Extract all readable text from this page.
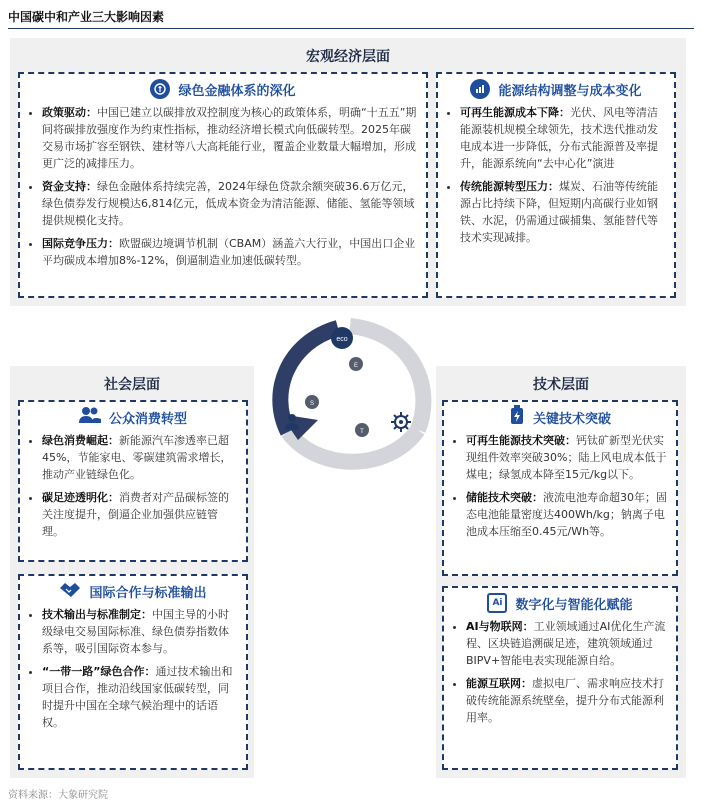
中国碳中和产业三大影响因素
宏观经济层面
绿色金融体系的深化
• 政策驱动：中国已建立以碳排放双控制度为核心的政策体系，明确“十五五”期间将碳排放强度作为约束性指标，推动经济增长模式向低碳转型。2025年碳交易市场扩容至钢铁、建材等八大高耗能行业，覆盖企业数量大幅增加，形成更广泛的减排压力。
• 资金支持：绿色金融体系持续完善，2024年绿色贷款余额突破36.6万亿元，绿色债券发行规模达6,814亿元，低成本资金为清洁能源、储能、氢能等领域提供规模化支持。
• 国际竞争压力：欧盟碳边境调节机制（CBAM）涵盖六大行业，中国出口企业平均碳成本增加8%-12%，倒逼制造业加速低碳转型。
能源结构调整与成本变化
• 可再生能源成本下降：光伏、风电等清洁能源装机规模全球领先，技术迭代推动发电成本进一步降低，分布式能源普及率提升，能源系统向“去中心化”演进
• 传统能源转型压力：煤炭、石油等传统能源占比持续下降，但短期内高碳行业如钢铁、水泥，仍需通过碳捕集、氢能替代等技术实现减排。
社会层面
公众消费转型
• 绿色消费崛起：新能源汽车渗透率已超45%，节能家电、零碳建筑需求增长，推动产业链绿色化。
• 碳足迹透明化：消费者对产品碳标签的关注度提升，倒逼企业加强供应链管理。
国际合作与标准输出
• 技术输出与标准制定：中国主导的小时级绿电交易国际标准、绿色债券指数体系等，吸引国际资本参与。
• “一带一路”绿色合作：通过技术输出和项目合作，推动沿线国家低碳转型，同时提升中国在全球气候治理中的话语权。
技术层面
关键技术突破
• 可再生能源技术突破：钙钛矿新型光伏实现组件效率突破30%；陆上风电成本低于煤电；绿氢成本降至15元/kg以下。
• 储能技术突破：液流电池寿命超30年；固态电池能量密度达400Wh/kg；钠离子电池成本压缩至0.45元/Wh等。
Ai 数字化与智能化赋能
• AI与物联网：工业领域通过AI优化生产流程、区块链追溯碳足迹，建筑领域通过BIPV+智能电表实现能源自给。
• 能源互联网：虚拟电厂、需求响应技术打破传统能源系统壁垒，提升分布式能源利用率。
eco
E
S
T
资料来源：大象研究院
